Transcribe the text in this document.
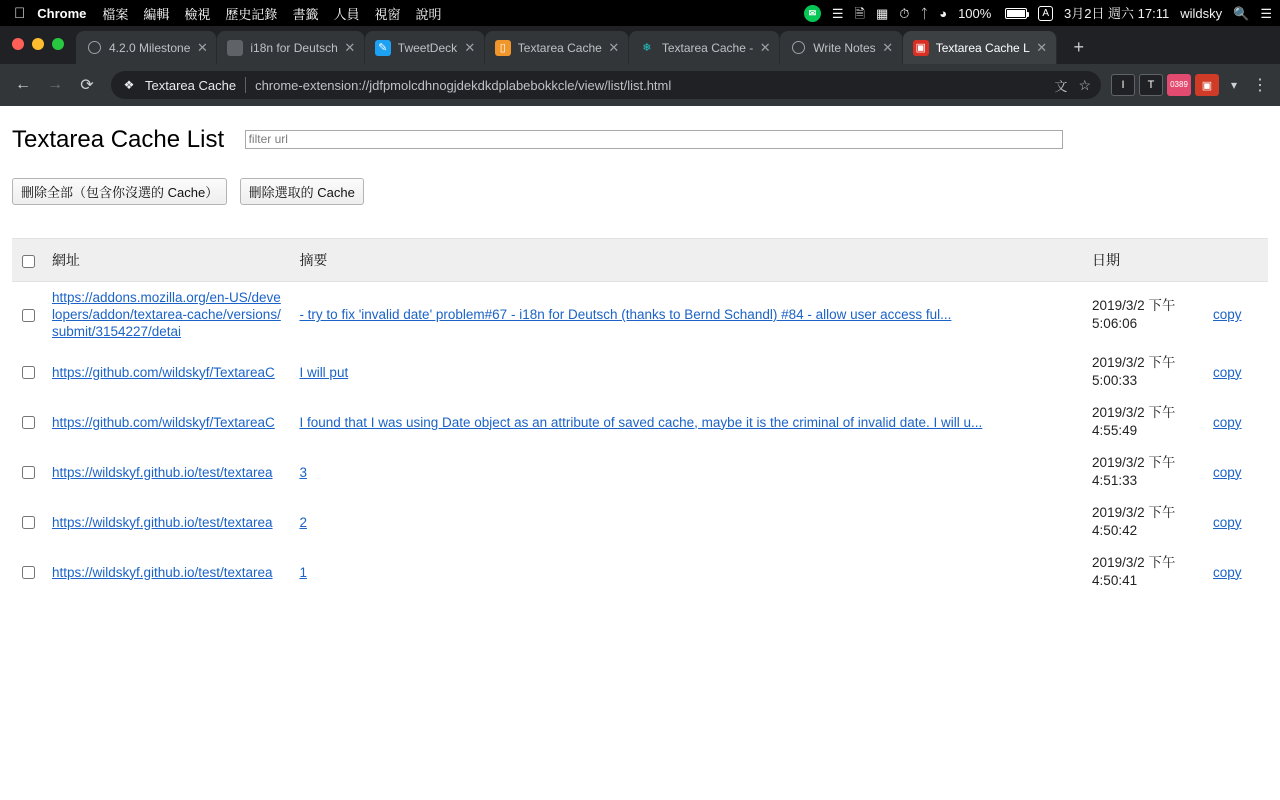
Chrome 檔案 編輯 檢視 歷史記錄 書籤 人員 視窗 說明	✉	☰ 🗎 ▦ ⏱ ᛏ ◕ 100%	A	3月2日 週六 17:11 wildsky 🔍 ☰
4.2.0 Milestone ✕	i18n for Deutsch ✕	✎ TweetDeck ✕	▯ Textarea Cache ✕	❄ Textarea Cache - ✕	Write Notes ✕ ▣ Textarea Cache L ✕	+
←	→	⟳	❖ Textarea Cache chrome-extension://jdfpmolcdhnogjdekdkdplabebokkcle/view/list/list.html	文 ☆	I	T	0389	▣	▾ ⋮
Textarea Cache List filter url
刪除全部（包含你沒選的 Cache） 刪除選取的 Cache
	網址	摘要	日期	
	https://addons.mozilla.org/en-US/developers/addon/textarea-cache/versions/submit/3154227/detai	- try to fix 'invalid date' problem#67 - i18n for Deutsch (thanks to Bernd Schandl) #84 - allow user access ful...	2019/3/2 下午 5:06:06	copy
	https://github.com/wildskyf/TextareaC	I will put	2019/3/2 下午 5:00:33	copy
	https://github.com/wildskyf/TextareaC	I found that I was using Date object as an attribute of saved cache, maybe it is the criminal of invalid date. I will u...	2019/3/2 下午 4:55:49	copy
	https://wildskyf.github.io/test/textarea	3	2019/3/2 下午 4:51:33	copy
	https://wildskyf.github.io/test/textarea	2	2019/3/2 下午 4:50:42	copy
	https://wildskyf.github.io/test/textarea	1	2019/3/2 下午 4:50:41	copy
